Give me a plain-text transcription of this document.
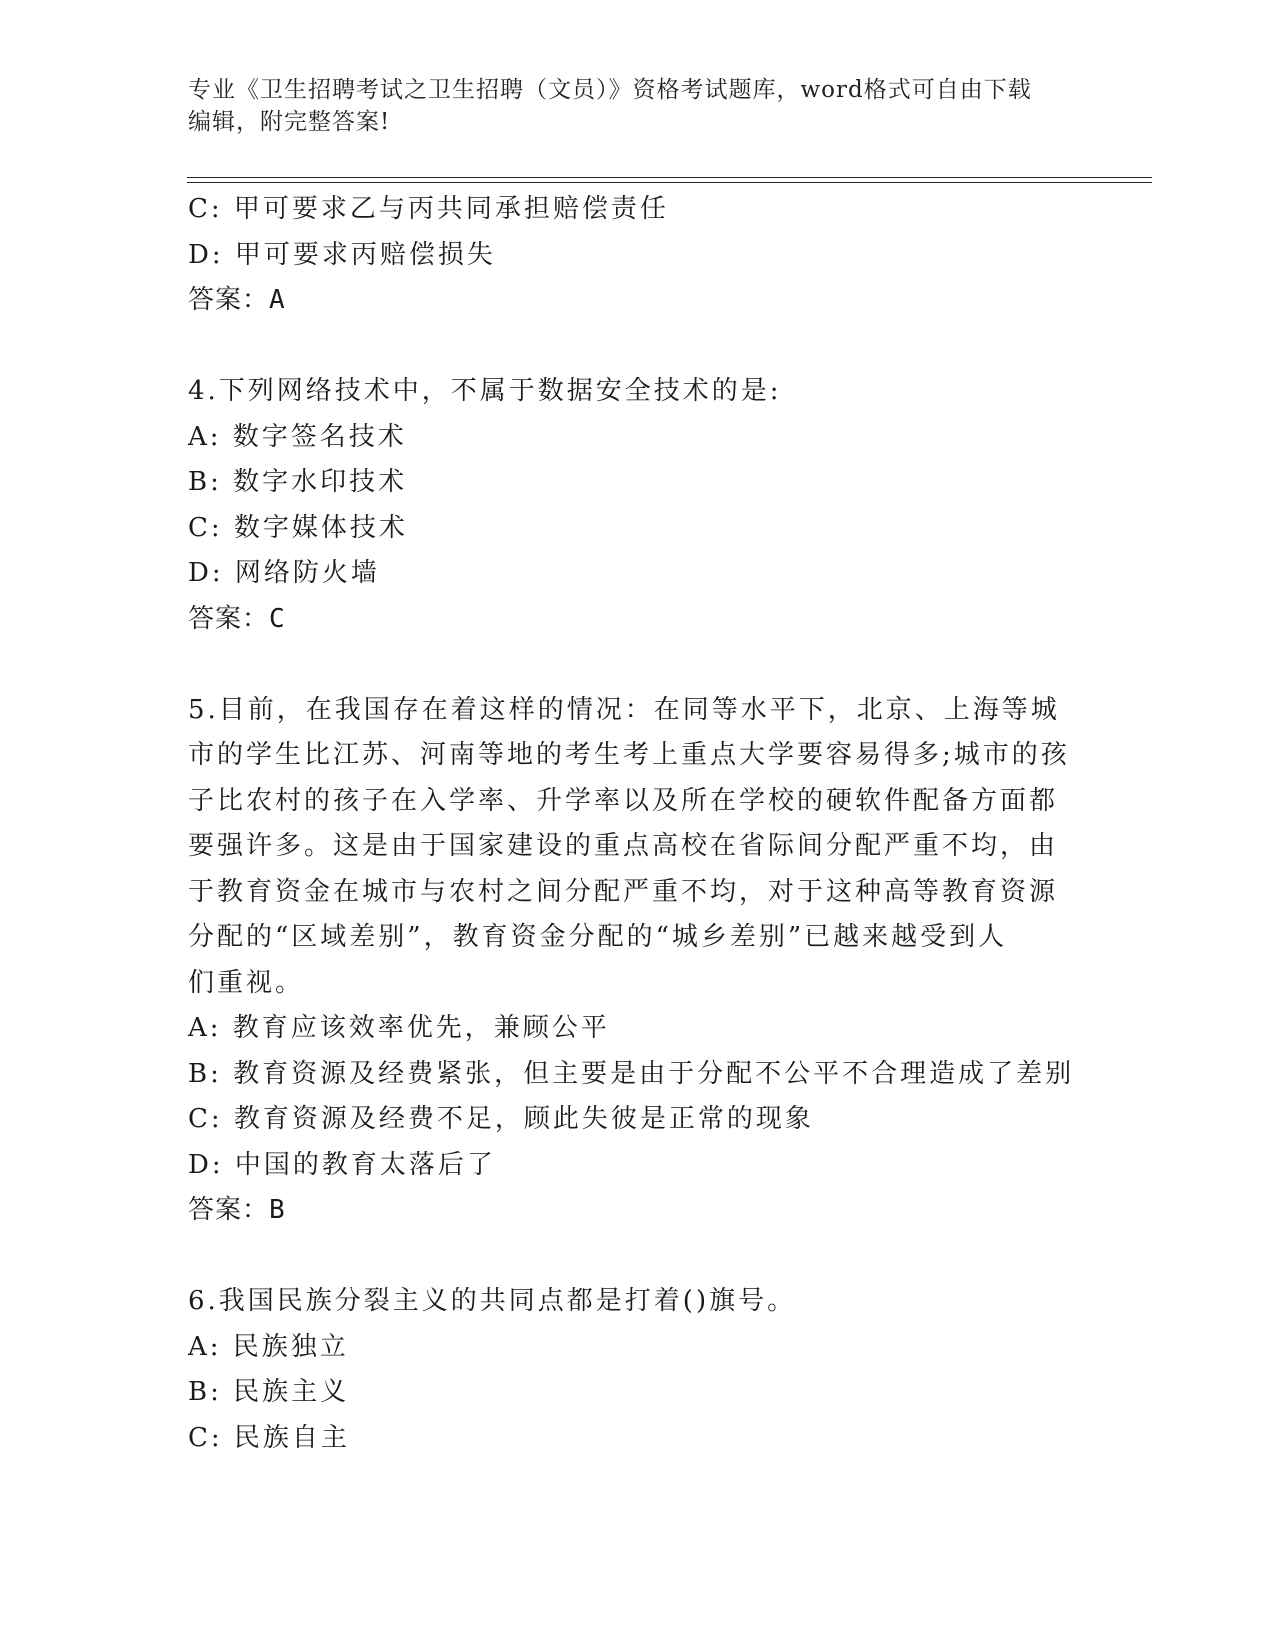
专业《卫生招聘考试之卫生招聘（文员）》资格考试题库，word格式可自由下载
编辑，附完整答案!
C: 甲可要求乙与丙共同承担赔偿责任
D: 甲可要求丙赔偿损失
答案：A
4.下列网络技术中，不属于数据安全技术的是:
A: 数字签名技术
B: 数字水印技术
C: 数字媒体技术
D: 网络防火墙
答案：C
5.目前，在我国存在着这样的情况：在同等水平下，北京、上海等城
市的学生比江苏、河南等地的考生考上重点大学要容易得多;城市的孩
子比农村的孩子在入学率、升学率以及所在学校的硬软件配备方面都
要强许多。这是由于国家建设的重点高校在省际间分配严重不均，由
于教育资金在城市与农村之间分配严重不均，对于这种高等教育资源
分配的“区域差别”，教育资金分配的“城乡差别”已越来越受到人
们重视。
A: 教育应该效率优先，兼顾公平
B: 教育资源及经费紧张，但主要是由于分配不公平不合理造成了差别
C: 教育资源及经费不足，顾此失彼是正常的现象
D: 中国的教育太落后了
答案：B
6.我国民族分裂主义的共同点都是打着()旗号。
A: 民族独立
B: 民族主义
C: 民族自主
